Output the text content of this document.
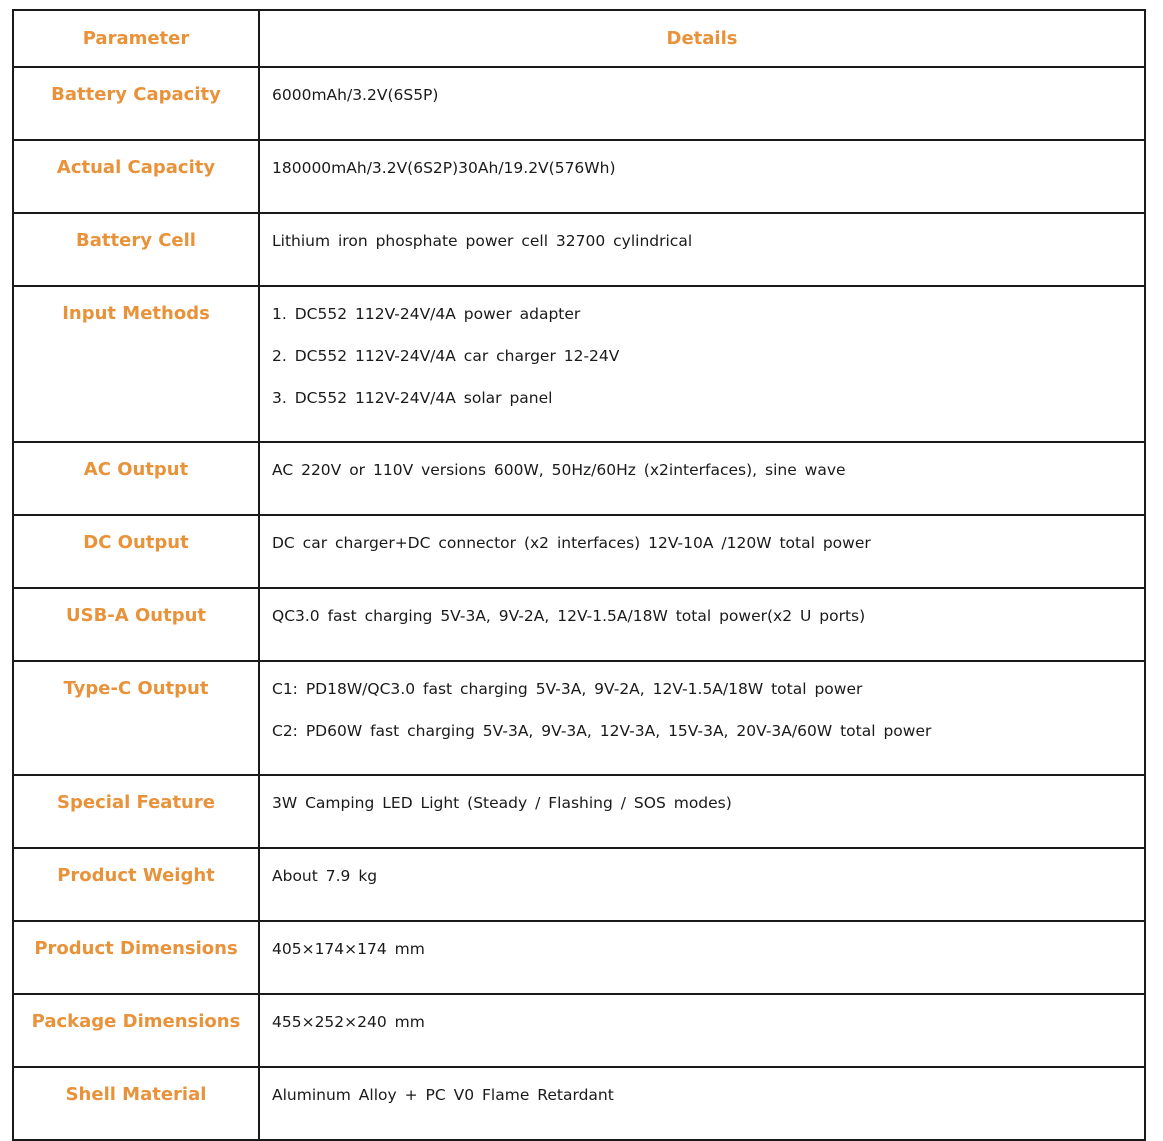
Parameter	Details
Battery Capacity	6000mAh/3.2V(6S5P)

Actual Capacity	180000mAh/3.2V(6S2P)30Ah/19.2V(576Wh)

Battery Cell	Lithium iron phosphate power cell 32700 cylindrical

Input Methods	1. DC552 112V-24V/4A power adapter
2. DC552 112V-24V/4A car charger 12-24V
3. DC552 112V-24V/4A solar panel

AC Output	AC 220V or 110V versions 600W, 50Hz/60Hz (x2interfaces), sine wave

DC Output	DC car charger+DC connector (x2 interfaces) 12V-10A /120W total power

USB-A Output	QC3.0 fast charging 5V-3A, 9V-2A, 12V-1.5A/18W total power(x2 U ports)

Type-C Output	C1: PD18W/QC3.0 fast charging 5V-3A, 9V-2A, 12V-1.5A/18W total power
C2: PD60W fast charging 5V-3A, 9V-3A, 12V-3A, 15V-3A, 20V-3A/60W total power

Special Feature	3W Camping LED Light (Steady / Flashing / SOS modes)

Product Weight	About 7.9 kg

Product Dimensions	405×174×174 mm

Package Dimensions	455×252×240 mm

Shell Material	Aluminum Alloy + PC V0 Flame Retardant
